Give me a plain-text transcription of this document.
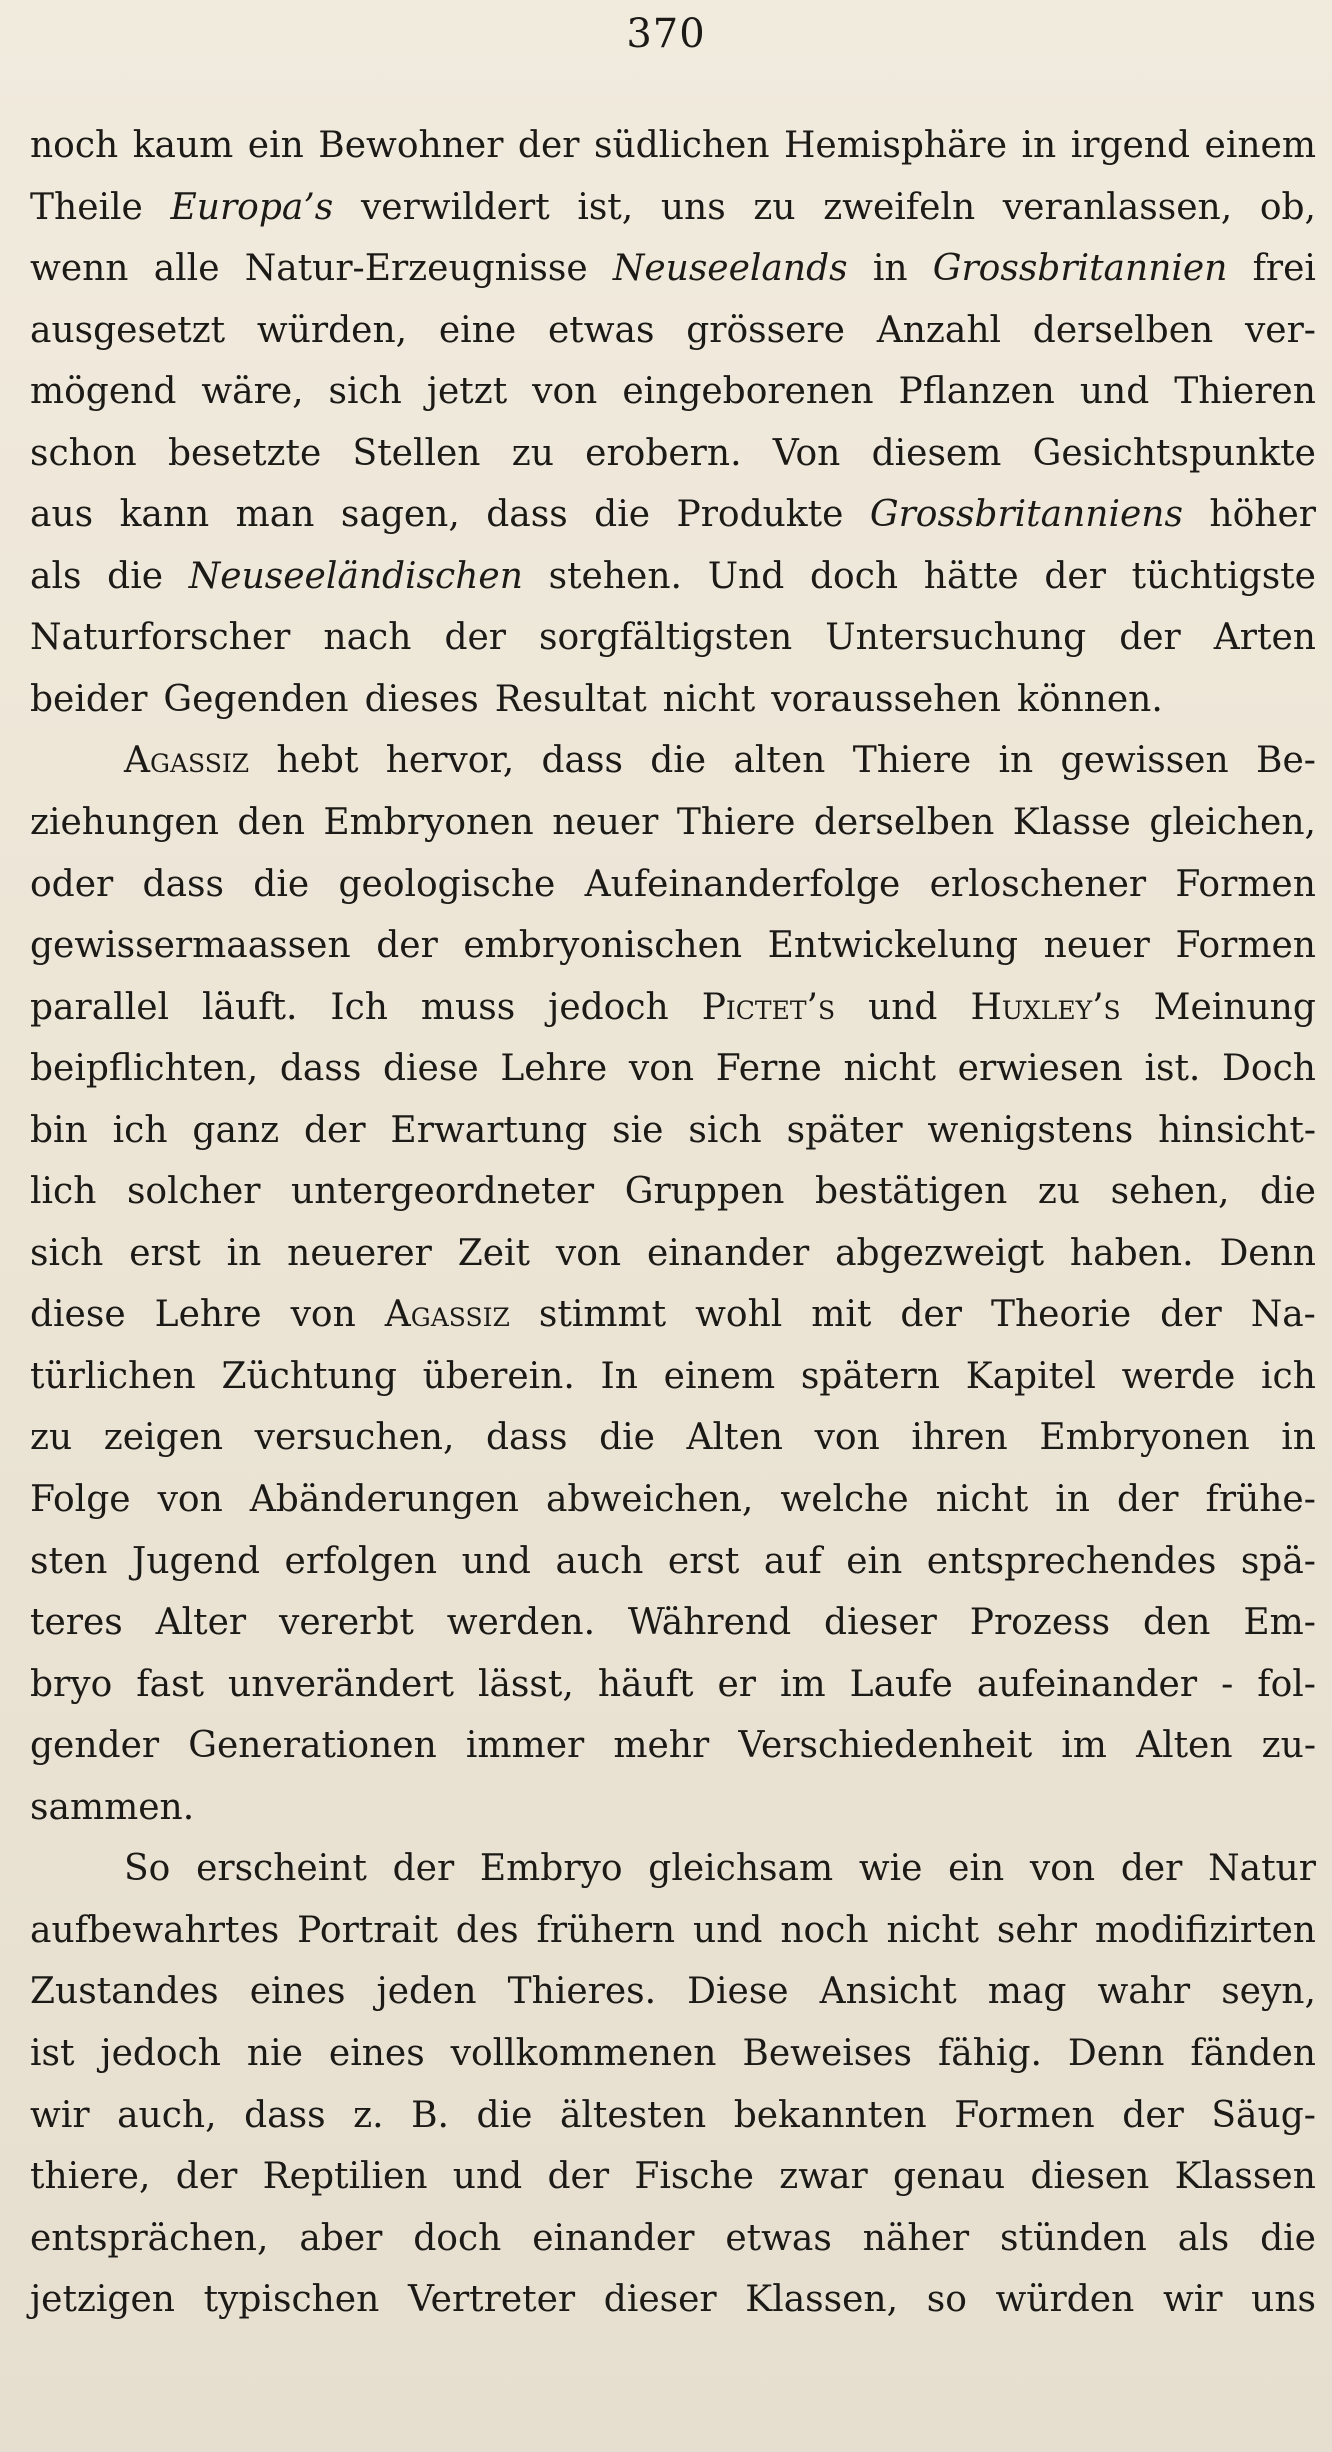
370
noch kaum ein Bewohner der südlichen Hemisphäre in irgend einem
Theile Europa’s verwildert ist, uns zu zweifeln veranlassen, ob,
wenn alle Natur-Erzeugnisse Neuseelands in Grossbritannien frei
ausgesetzt würden, eine etwas grössere Anzahl derselben ver-
mögend wäre, sich jetzt von eingeborenen Pflanzen und Thieren
schon besetzte Stellen zu erobern. Von diesem Gesichtspunkte
aus kann man sagen, dass die Produkte Grossbritanniens höher
als die Neuseeländischen stehen. Und doch hätte der tüchtigste
Naturforscher nach der sorgfältigsten Untersuchung der Arten
beider Gegenden dieses Resultat nicht voraussehen können.
Agassiz hebt hervor, dass die alten Thiere in gewissen Be-
ziehungen den Embryonen neuer Thiere derselben Klasse gleichen,
oder dass die geologische Aufeinanderfolge erloschener Formen
gewissermaassen der embryonischen Entwickelung neuer Formen
parallel läuft. Ich muss jedoch Pictet’s und Huxley’s Meinung
beipflichten, dass diese Lehre von Ferne nicht erwiesen ist. Doch
bin ich ganz der Erwartung sie sich später wenigstens hinsicht-
lich solcher untergeordneter Gruppen bestätigen zu sehen, die
sich erst in neuerer Zeit von einander abgezweigt haben. Denn
diese Lehre von Agassiz stimmt wohl mit der Theorie der Na-
türlichen Züchtung überein. In einem spätern Kapitel werde ich
zu zeigen versuchen, dass die Alten von ihren Embryonen in
Folge von Abänderungen abweichen, welche nicht in der frühe-
sten Jugend erfolgen und auch erst auf ein entsprechendes spä-
teres Alter vererbt werden. Während dieser Prozess den Em-
bryo fast unverändert lässt, häuft er im Laufe aufeinander - fol-
gender Generationen immer mehr Verschiedenheit im Alten zu-
sammen.
So erscheint der Embryo gleichsam wie ein von der Natur
aufbewahrtes Portrait des frühern und noch nicht sehr modifizirten
Zustandes eines jeden Thieres. Diese Ansicht mag wahr seyn,
ist jedoch nie eines vollkommenen Beweises fähig. Denn fänden
wir auch, dass z. B. die ältesten bekannten Formen der Säug-
thiere, der Reptilien und der Fische zwar genau diesen Klassen
entsprächen, aber doch einander etwas näher stünden als die
jetzigen typischen Vertreter dieser Klassen, so würden wir uns
